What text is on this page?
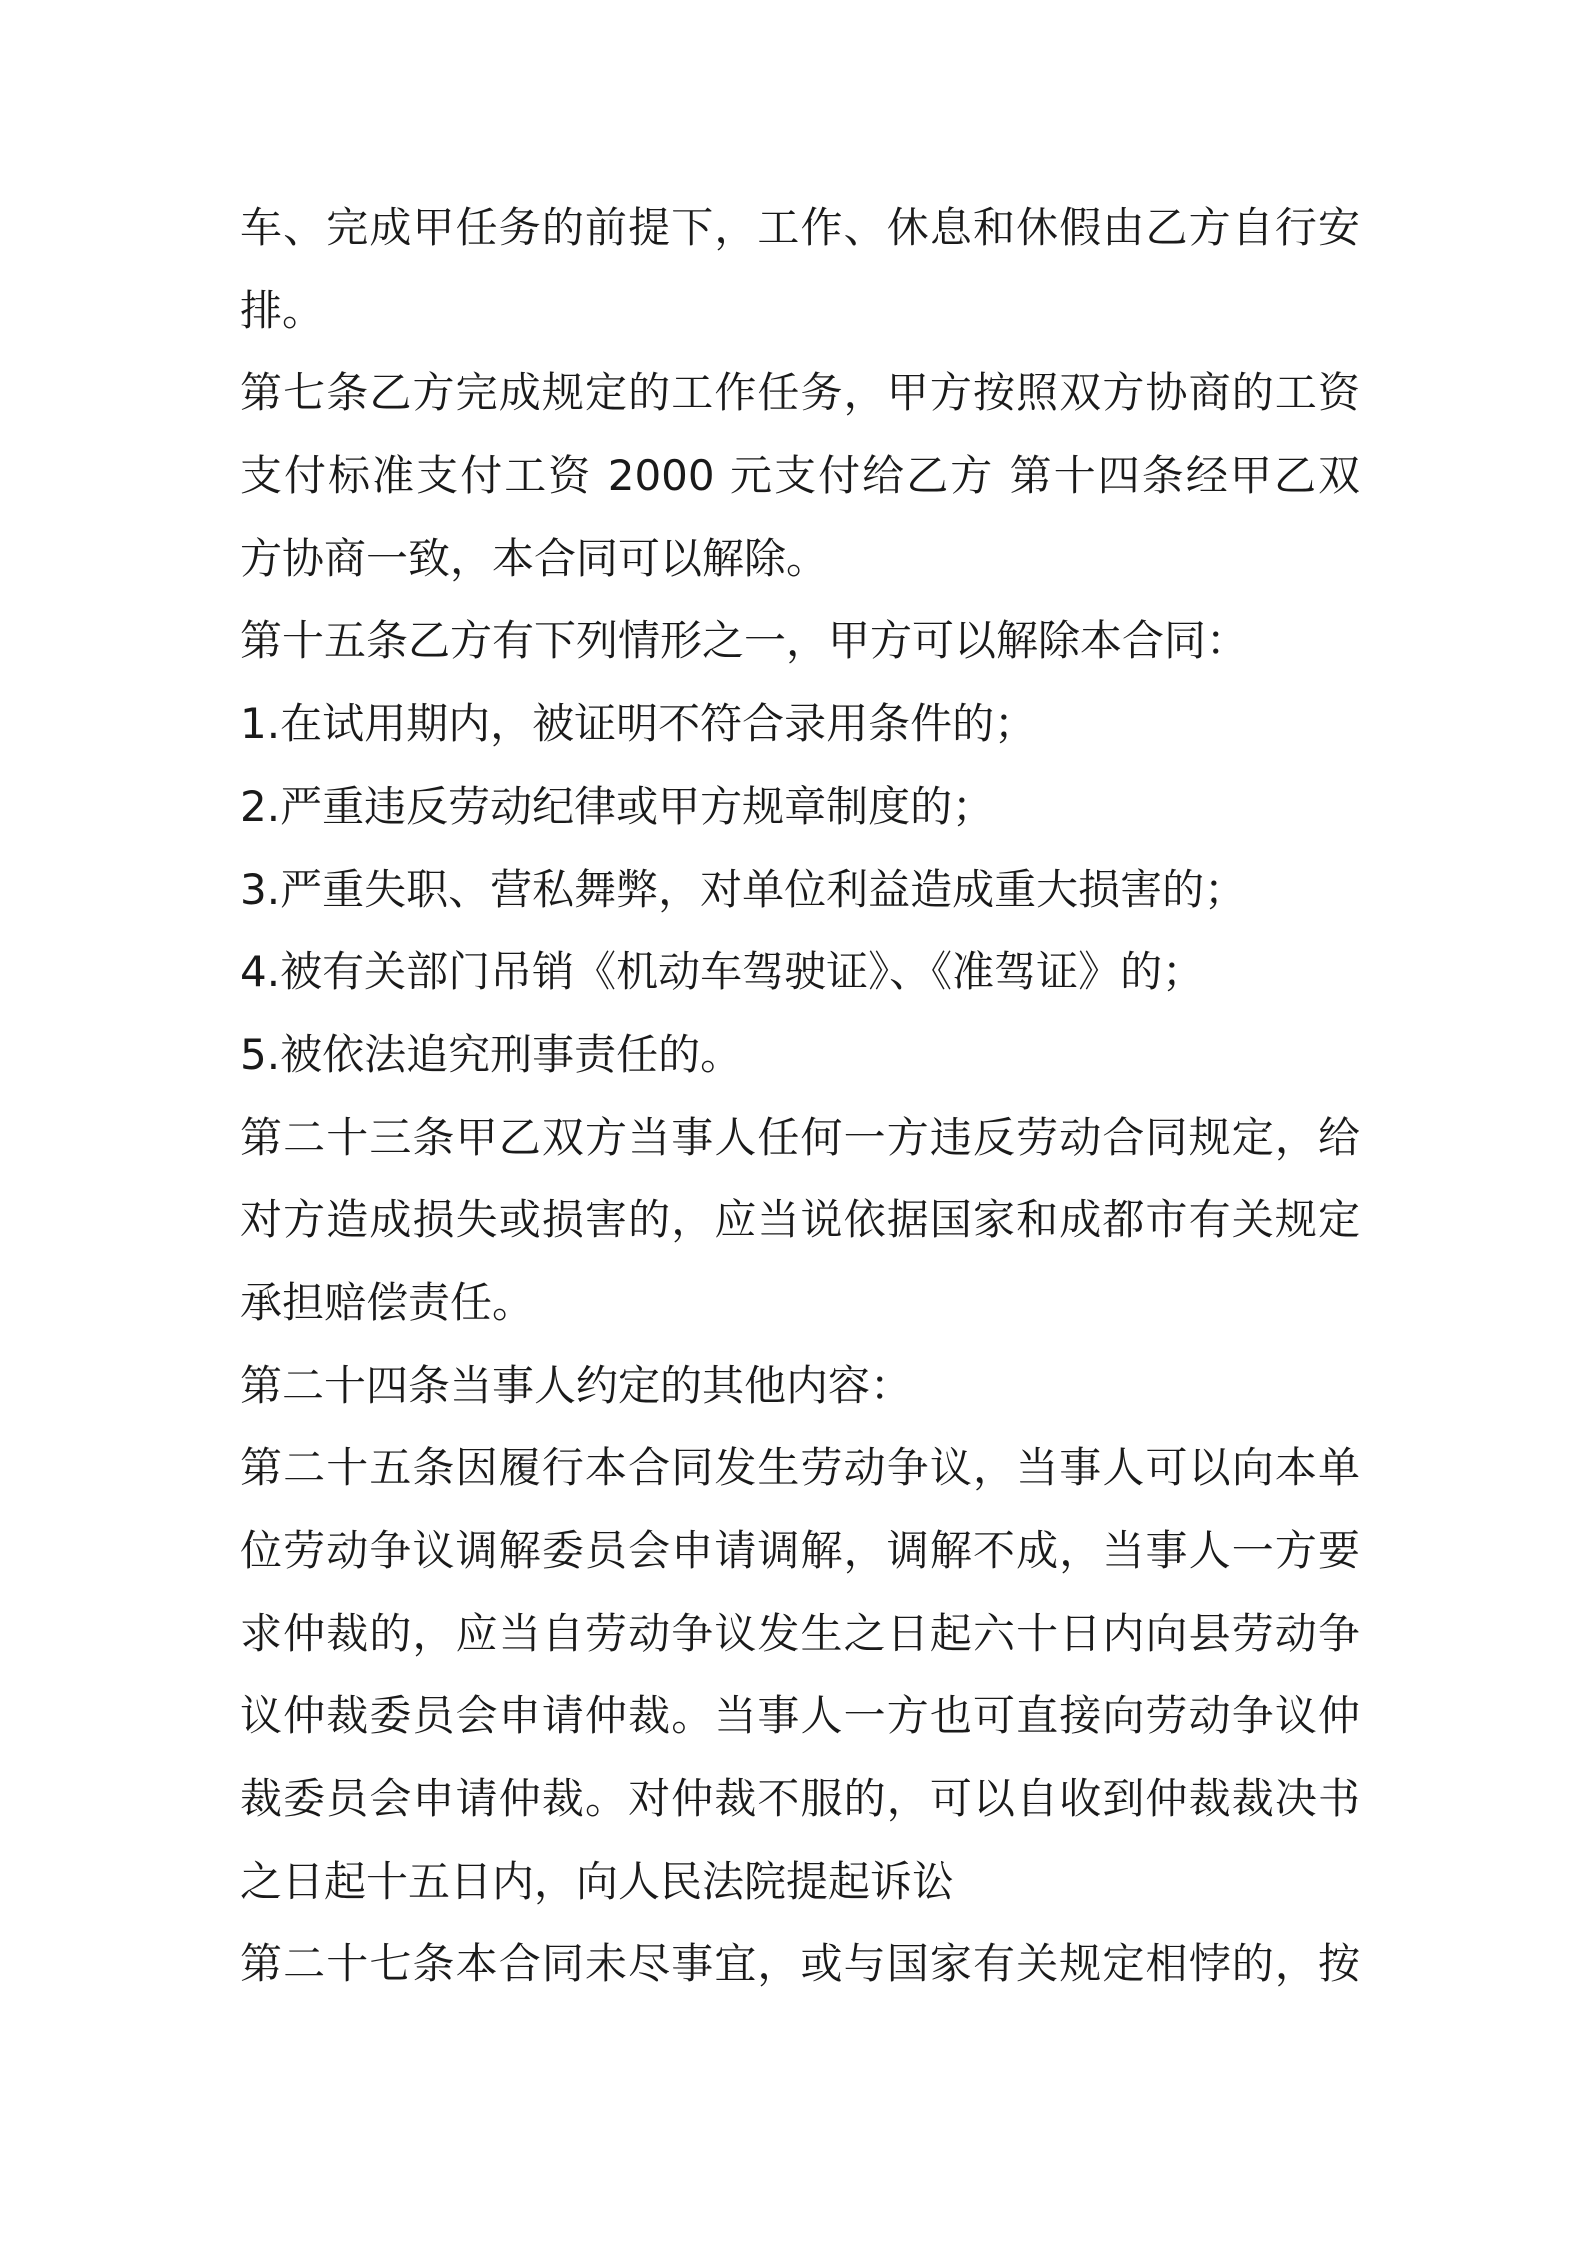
车、完成甲任务的前提下，工作、休息和休假由乙方自行安

排。

第七条乙方完成规定的工作任务，甲方按照双方协商的工资

支付标准支付工资 2000 元支付给乙方 第十四条经甲乙双

方协商一致，本合同可以解除。

第十五条乙方有下列情形之一，甲方可以解除本合同：

1.在试用期内，被证明不符合录用条件的；

2.严重违反劳动纪律或甲方规章制度的；

3.严重失职、营私舞弊，对单位利益造成重大损害的；

4.被有关部门吊销《机动车驾驶证》、《准驾证》的；

5.被依法追究刑事责任的。

第二十三条甲乙双方当事人任何一方违反劳动合同规定，给

对方造成损失或损害的，应当说依据国家和成都市有关规定

承担赔偿责任。

第二十四条当事人约定的其他内容：

第二十五条因履行本合同发生劳动争议，当事人可以向本单

位劳动争议调解委员会申请调解，调解不成，当事人一方要

求仲裁的，应当自劳动争议发生之日起六十日内向县劳动争

议仲裁委员会申请仲裁。当事人一方也可直接向劳动争议仲

裁委员会申请仲裁。对仲裁不服的，可以自收到仲裁裁决书

之日起十五日内，向人民法院提起诉讼

第二十七条本合同未尽事宜，或与国家有关规定相悖的，按
